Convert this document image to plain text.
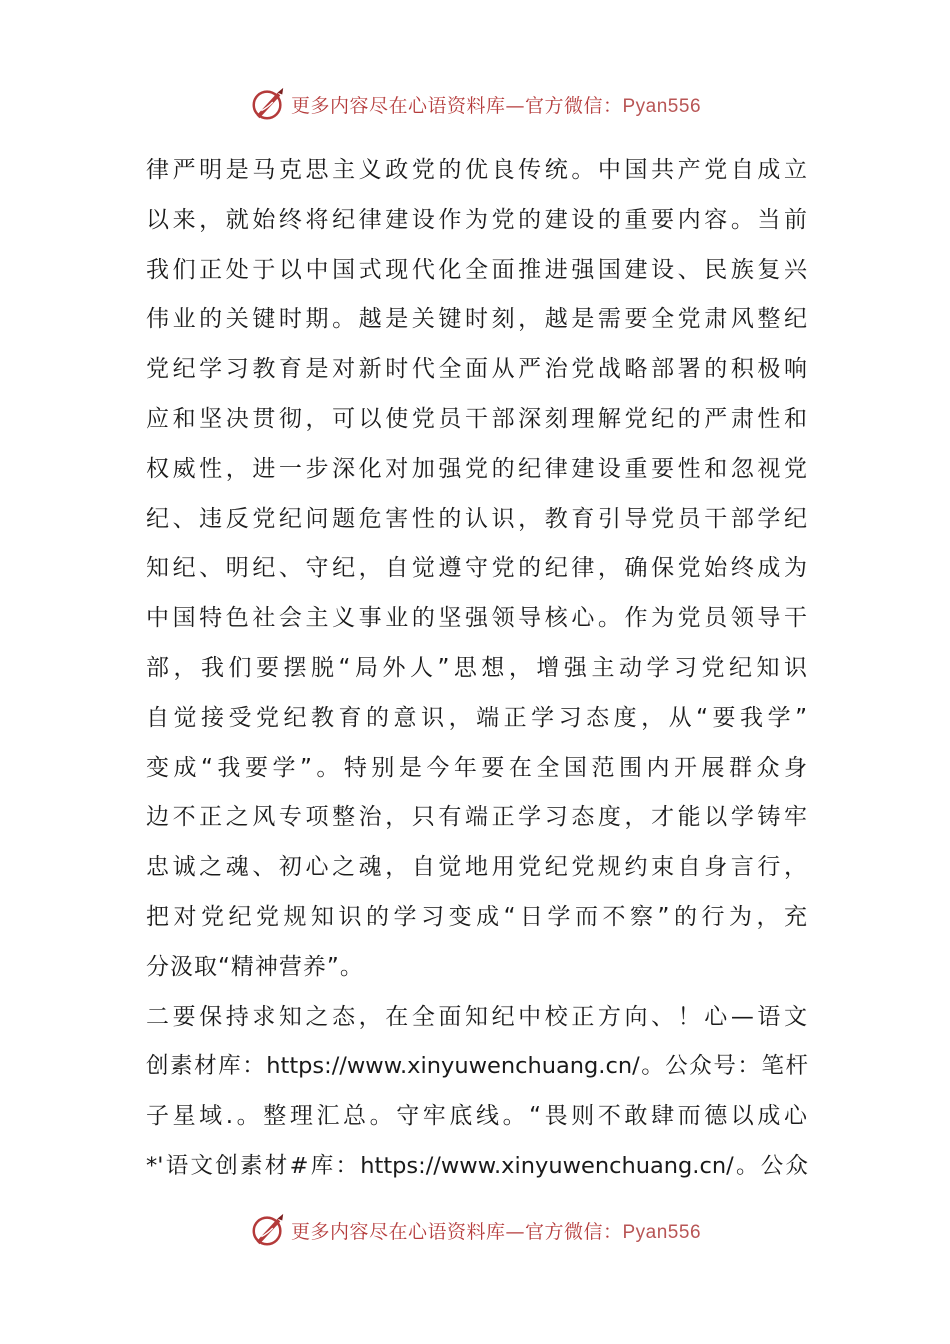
更多内容尽在心语资料库—官方微信：Pyan556
律严明是马克思主义政党的优良传统。中国共产党自成立
以来，就始终将纪律建设作为党的建设的重要内容。当前
我们正处于以中国式现代化全面推进强国建设、民族复兴
伟业的关键时期。越是关键时刻，越是需要全党肃风整纪
党纪学习教育是对新时代全面从严治党战略部署的积极响
应和坚决贯彻，可以使党员干部深刻理解党纪的严肃性和
权威性，进一步深化对加强党的纪律建设重要性和忽视党
纪、违反党纪问题危害性的认识，教育引导党员干部学纪
知纪、明纪、守纪，自觉遵守党的纪律，确保党始终成为
中国特色社会主义事业的坚强领导核心。作为党员领导干
部，我们要摆脱“局外人”思想，增强主动学习党纪知识
自觉接受党纪教育的意识，端正学习态度，从“要我学”
变成“我要学”。特别是今年要在全国范围内开展群众身
边不正之风专项整治，只有端正学习态度，才能以学铸牢
忠诚之魂、初心之魂，自觉地用党纪党规约束自身言行，
把对党纪党规知识的学习变成“日学而不察”的行为，充
分汲取“精神营养”。
二要保持求知之态，在全面知纪中校正方向、！心—语文
创素材库：https://www.xinyuwenchuang.cn/。公众号：笔杆
子星域.。整理汇总。守牢底线。“畏则不敢肆而德以成心
*'语文创素材#库：https://www.xinyuwenchuang.cn/。公众
更多内容尽在心语资料库—官方微信：Pyan556
